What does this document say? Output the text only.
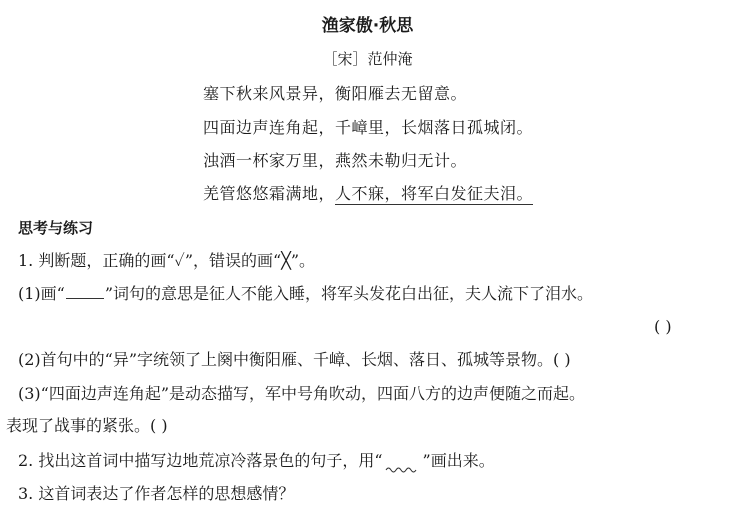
渔家傲·秋思
［宋］范仲淹
塞下秋来风景异，衡阳雁去无留意。
四面边声连角起，千嶂里，长烟落日孤城闭。
浊酒一杯家万里，燕然未勒归无计。
羌管悠悠霜满地，人不寐，将军白发征夫泪。
思考与练习
1. 判断题，正确的画“✓”，错误的画“╳”。
(1)画“	”词句的意思是征人不能入睡，将军头发花白出征，夫人流下了泪水。
( )
(2)首句中的“异”字统领了上阕中衡阳雁、千嶂、长烟、落日、孤城等景物。( )
(3)“四面边声连角起”是动态描写，军中号角吹动，四面八方的边声便随之而起。
表现了战事的紧张。( )
2. 找出这首词中描写边地荒凉冷落景色的句子，用“	”画出来。
3. 这首词表达了作者怎样的思想感情？
